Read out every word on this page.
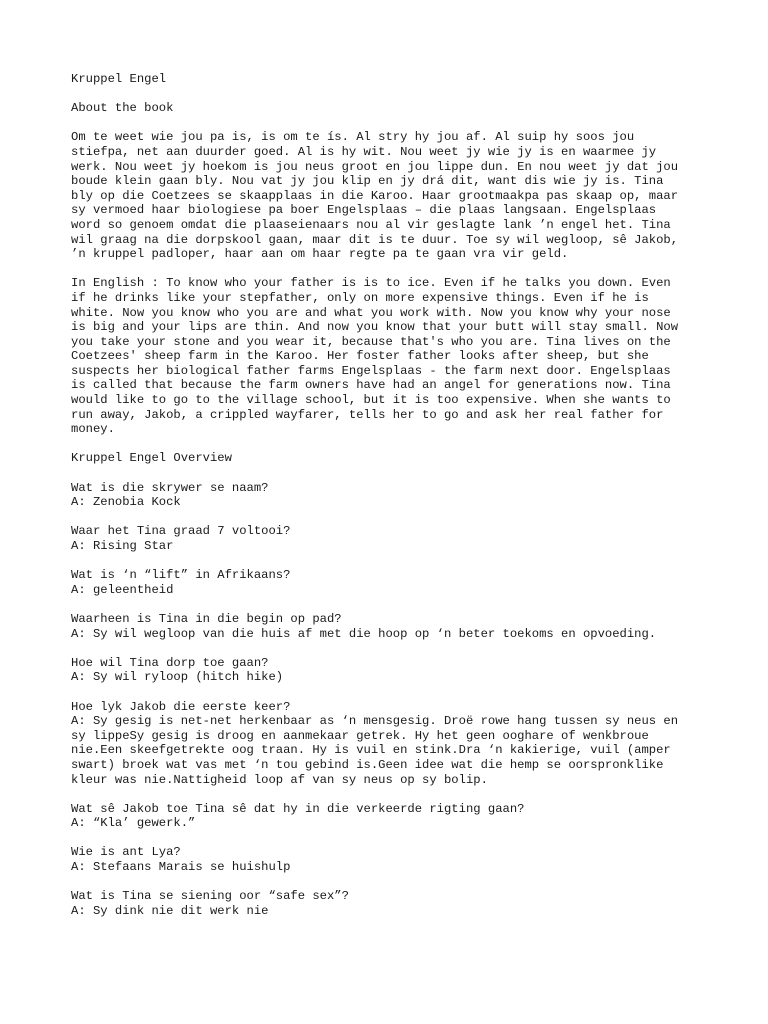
Kruppel Engel
About the book
Om te weet wie jou pa is, is om te ís. Al stry hy jou af. Al suip hy soos jou
stiefpa, net aan duurder goed. Al is hy wit. Nou weet jy wie jy is en waarmee jy
werk. Nou weet jy hoekom is jou neus groot en jou lippe dun. En nou weet jy dat jou
boude klein gaan bly. Nou vat jy jou klip en jy drá dit, want dis wie jy is. Tina
bly op die Coetzees se skaapplaas in die Karoo. Haar grootmaakpa pas skaap op, maar
sy vermoed haar biologiese pa boer Engelsplaas – die plaas langsaan. Engelsplaas
word so genoem omdat die plaaseienaars nou al vir geslagte lank ’n engel het. Tina
wil graag na die dorpskool gaan, maar dit is te duur. Toe sy wil wegloop, sê Jakob,
’n kruppel padloper, haar aan om haar regte pa te gaan vra vir geld.
In English : To know who your father is is to ice. Even if he talks you down. Even
if he drinks like your stepfather, only on more expensive things. Even if he is
white. Now you know who you are and what you work with. Now you know why your nose
is big and your lips are thin. And now you know that your butt will stay small. Now
you take your stone and you wear it, because that's who you are. Tina lives on the
Coetzees' sheep farm in the Karoo. Her foster father looks after sheep, but she
suspects her biological father farms Engelsplaas - the farm next door. Engelsplaas
is called that because the farm owners have had an angel for generations now. Tina
would like to go to the village school, but it is too expensive. When she wants to
run away, Jakob, a crippled wayfarer, tells her to go and ask her real father for
money.
Kruppel Engel Overview
Wat is die skrywer se naam?
A: Zenobia Kock
Waar het Tina graad 7 voltooi?
A: Rising Star
Wat is ‘n “lift” in Afrikaans?
A: geleentheid
Waarheen is Tina in die begin op pad?
A: Sy wil wegloop van die huis af met die hoop op ‘n beter toekoms en opvoeding.
Hoe wil Tina dorp toe gaan?
A: Sy wil ryloop (hitch hike)
Hoe lyk Jakob die eerste keer?
A: Sy gesig is net-net herkenbaar as ‘n mensgesig. Droë rowe hang tussen sy neus en
sy lippeSy gesig is droog en aanmekaar getrek. Hy het geen ooghare of wenkbroue
nie.Een skeefgetrekte oog traan. Hy is vuil en stink.Dra ‘n kakierige, vuil (amper
swart) broek wat vas met ‘n tou gebind is.Geen idee wat die hemp se oorspronklike
kleur was nie.Nattigheid loop af van sy neus op sy bolip.
Wat sê Jakob toe Tina sê dat hy in die verkeerde rigting gaan?
A: “Kla’ gewerk.”
Wie is ant Lya?
A: Stefaans Marais se huishulp
Wat is Tina se siening oor “safe sex”?
A: Sy dink nie dit werk nie
